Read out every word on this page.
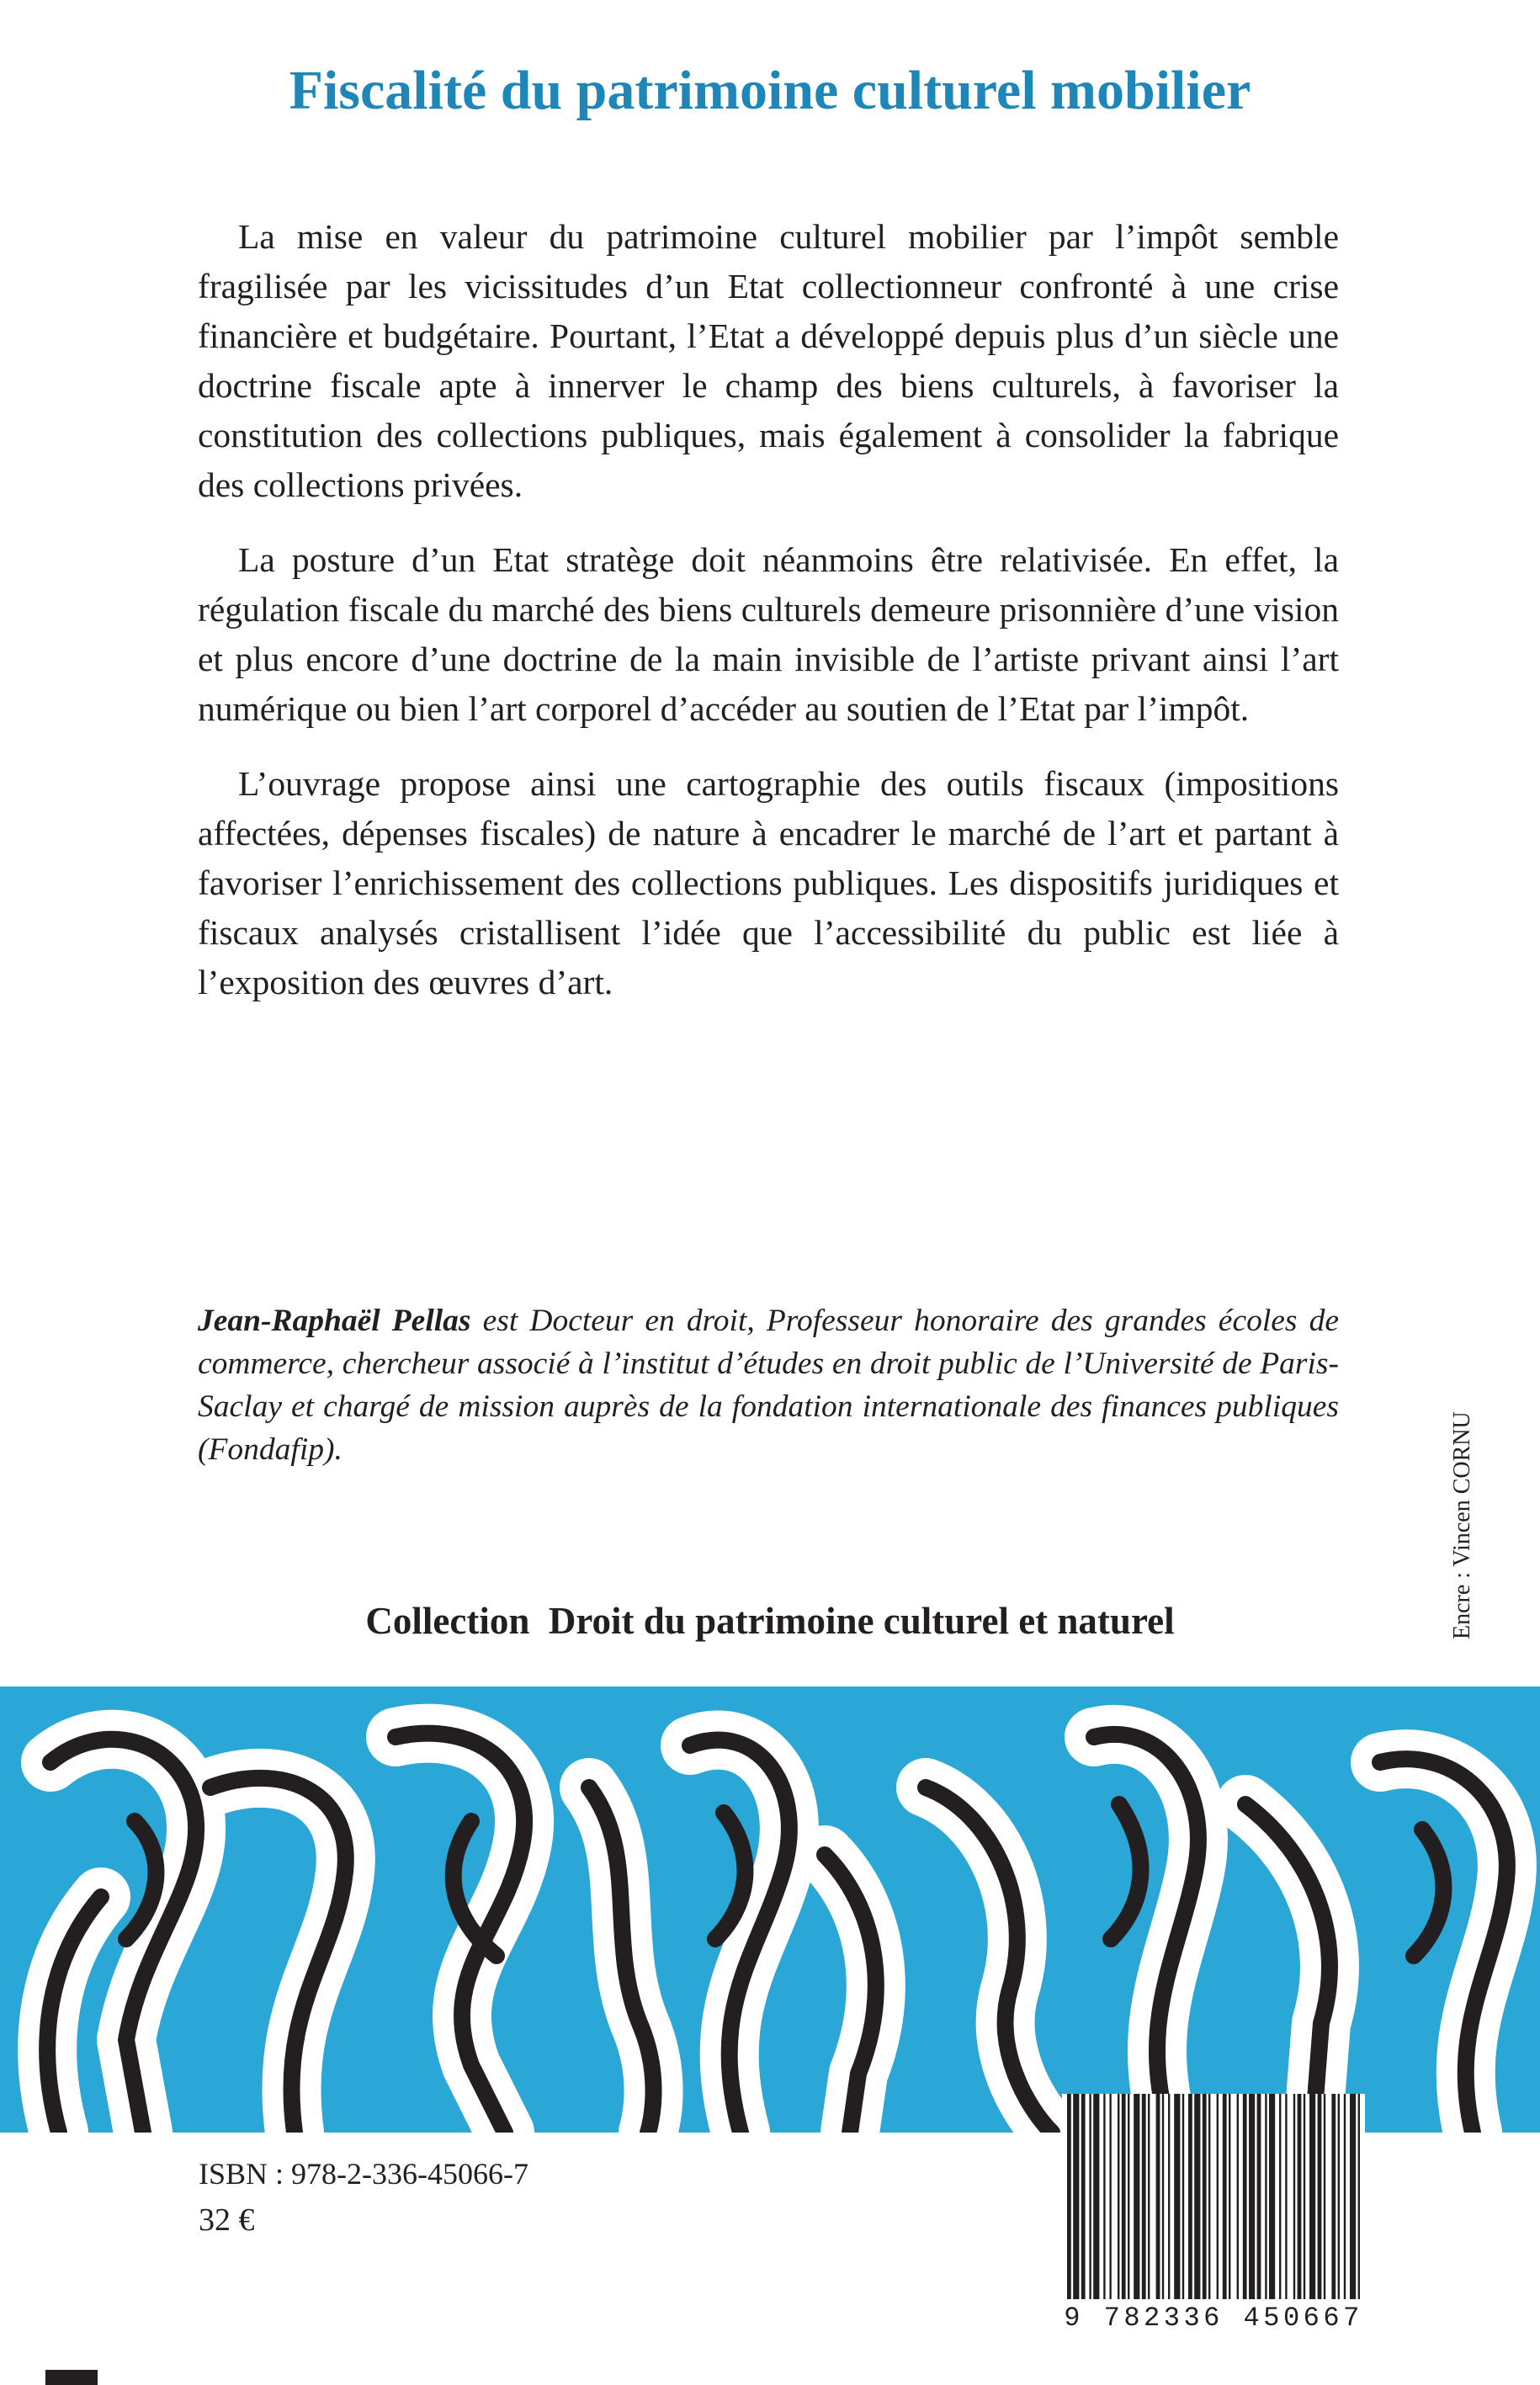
Fiscalité du patrimoine culturel mobilier

La mise en valeur du patrimoine culturel mobilier par l’impôt semble fragilisée par les vicissitudes d’un Etat collectionneur confronté à une crise financière et budgétaire. Pourtant, l’Etat a développé depuis plus d’un siècle une doctrine fiscale apte à innerver le champ des biens culturels, à favoriser la constitution des collections publiques, mais également à consolider la fabrique des collections privées.

La posture d’un Etat stratège doit néanmoins être relativisée. En effet, la régulation fiscale du marché des biens culturels demeure prisonnière d’une vision et plus encore d’une doctrine de la main invisible de l’artiste privant ainsi l’art numérique ou bien l’art corporel d’accéder au soutien de l’Etat par l’impôt.

L’ouvrage propose ainsi une cartographie des outils fiscaux (impositions affectées, dépenses fiscales) de nature à encadrer le marché de l’art et partant à favoriser l’enrichissement des collections publiques. Les dispositifs juridiques et fiscaux analysés cristallisent l’idée que l’accessibilité du public est liée à l’exposition des œuvres d’art.

Jean-Raphaël Pellas est Docteur en droit, Professeur honoraire des grandes écoles de commerce, chercheur associé à l’institut d’études en droit public de l’Université de Paris-Saclay et chargé de mission auprès de la fondation internationale des finances publiques (Fondafip).
Collection  Droit du patrimoine culturel et naturel	Encre : Vincen CORNU
ISBN : 978-2-336-45066-7
32 €
9 782336 450667
